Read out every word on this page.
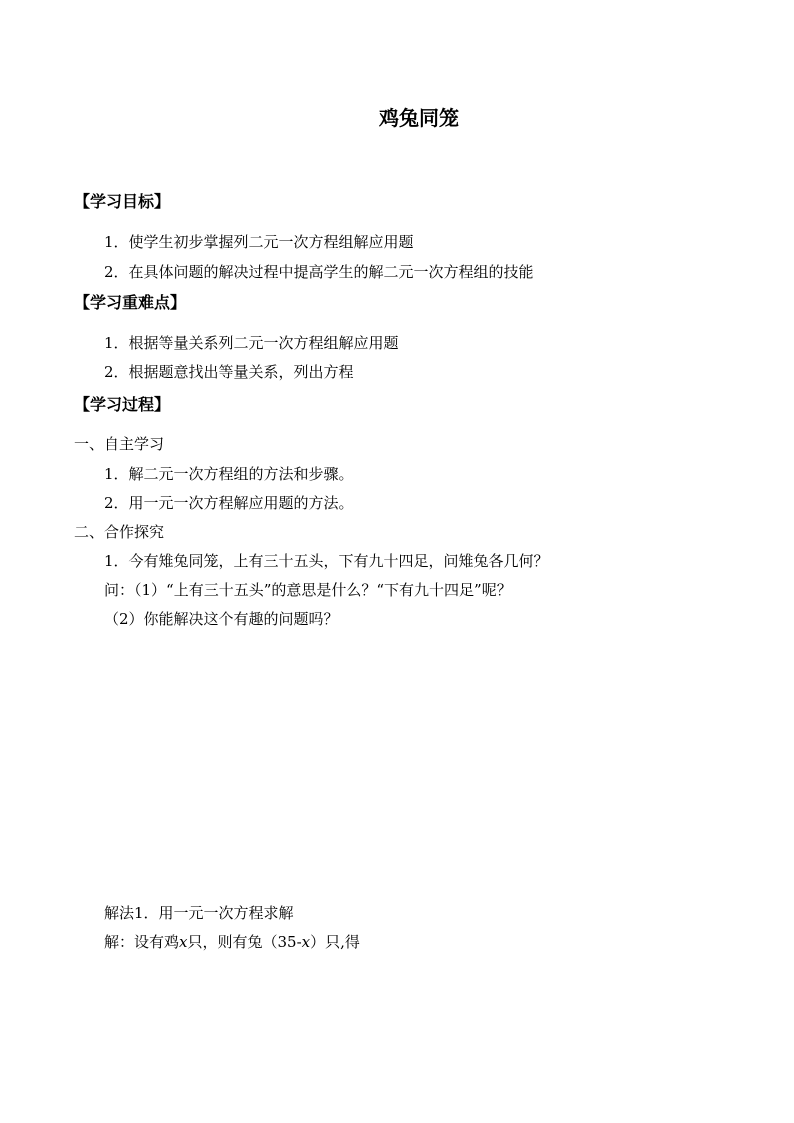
鸡兔同笼
【学习目标】
1．使学生初步掌握列二元一次方程组解应用题
2．在具体问题的解决过程中提高学生的解二元一次方程组的技能
【学习重难点】
1．根据等量关系列二元一次方程组解应用题
2．根据题意找出等量关系，列出方程
【学习过程】
一、自主学习
1．解二元一次方程组的方法和步骤。
2．用一元一次方程解应用题的方法。
二、合作探究
1．今有雉兔同笼，上有三十五头，下有九十四足，问雉兔各几何？
问：（1）“上有三十五头”的意思是什么？“下有九十四足”呢？
（2）你能解决这个有趣的问题吗？
解法1．用一元一次方程求解
解：设有鸡x只，则有兔（35-x）只,得
